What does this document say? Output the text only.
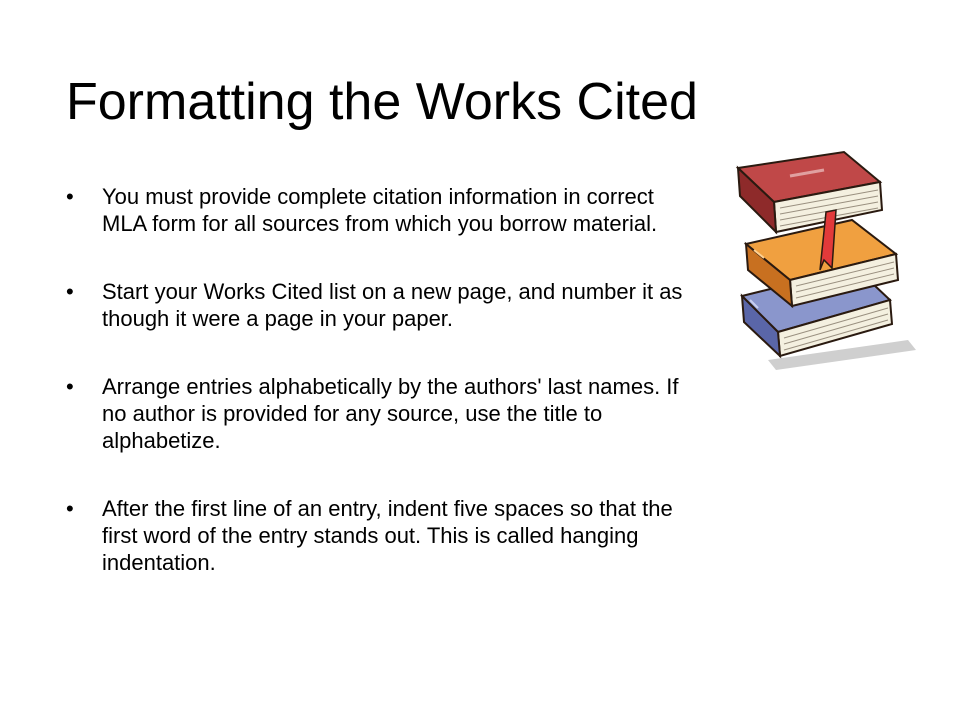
Formatting the Works Cited
• You must provide complete citation information in correct MLA form for all sources from which you borrow material.
• Start your Works Cited list on a new page, and number it as though it were a page in your paper.
• Arrange entries alphabetically by the authors' last names. If no author is provided for any source, use the title to alphabetize.
• After the first line of an entry, indent five spaces so that the first word of the entry stands out. This is called hanging indentation.
